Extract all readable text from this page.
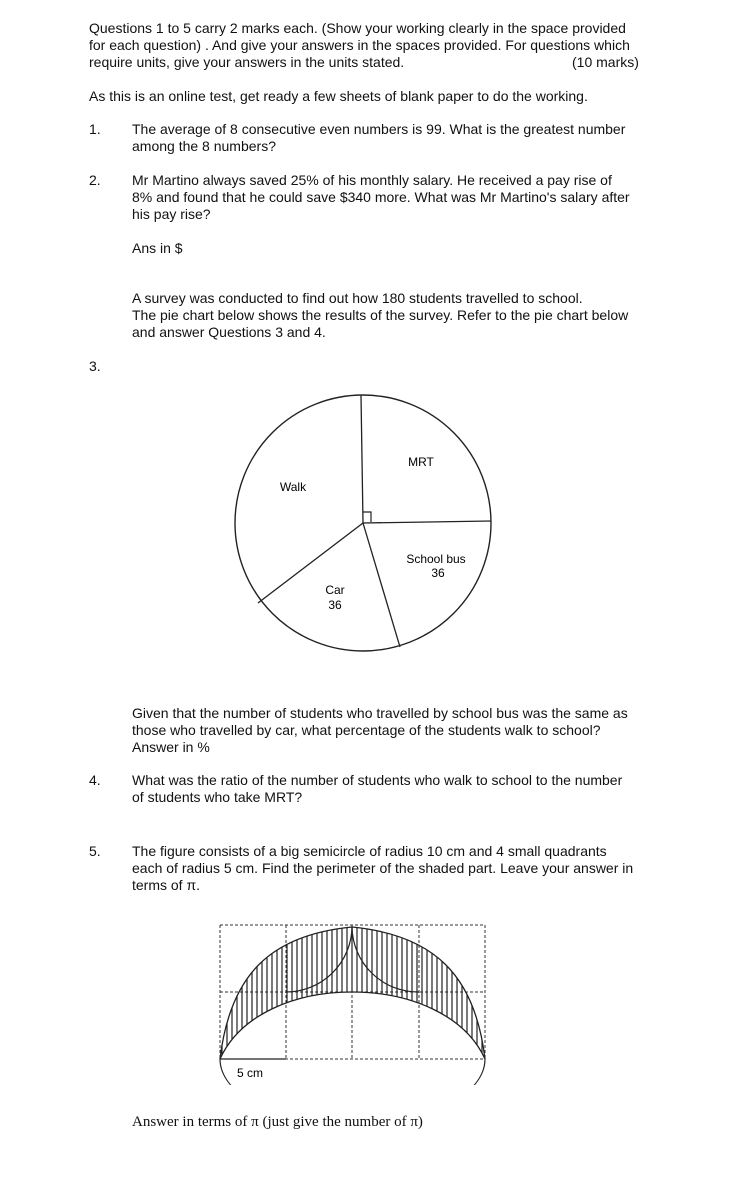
Questions 1 to 5 carry 2 marks each. (Show your working clearly in the space provided
for each question) . And give your answers in the spaces provided. For questions which
require units, give your answers in the units stated.	(10 marks)
As this is an online test, get ready a few sheets of blank paper to do the working.
1. The average of 8 consecutive even numbers is 99. What is the greatest number
among the 8 numbers?
2. Mr Martino always saved 25% of his monthly salary. He received a pay rise of
8% and found that he could save $340 more. What was Mr Martino's salary after
his pay rise?
Ans in $
A survey was conducted to find out how 180 students travelled to school.
The pie chart below shows the results of the survey. Refer to the pie chart below
and answer Questions 3 and 4.
3.
MRT
Walk
School bus
36
Car
36
Given that the number of students who travelled by school bus was the same as
those who travelled by car, what percentage of the students walk to school?
Answer in %
4. What was the ratio of the number of students who walk to school to the number
of students who take MRT?
5. The figure consists of a big semicircle of radius 10 cm and 4 small quadrants
each of radius 5 cm. Find the perimeter of the shaded part. Leave your answer in
terms of π.
5 cm
Answer in terms of π (just give the number of π)
